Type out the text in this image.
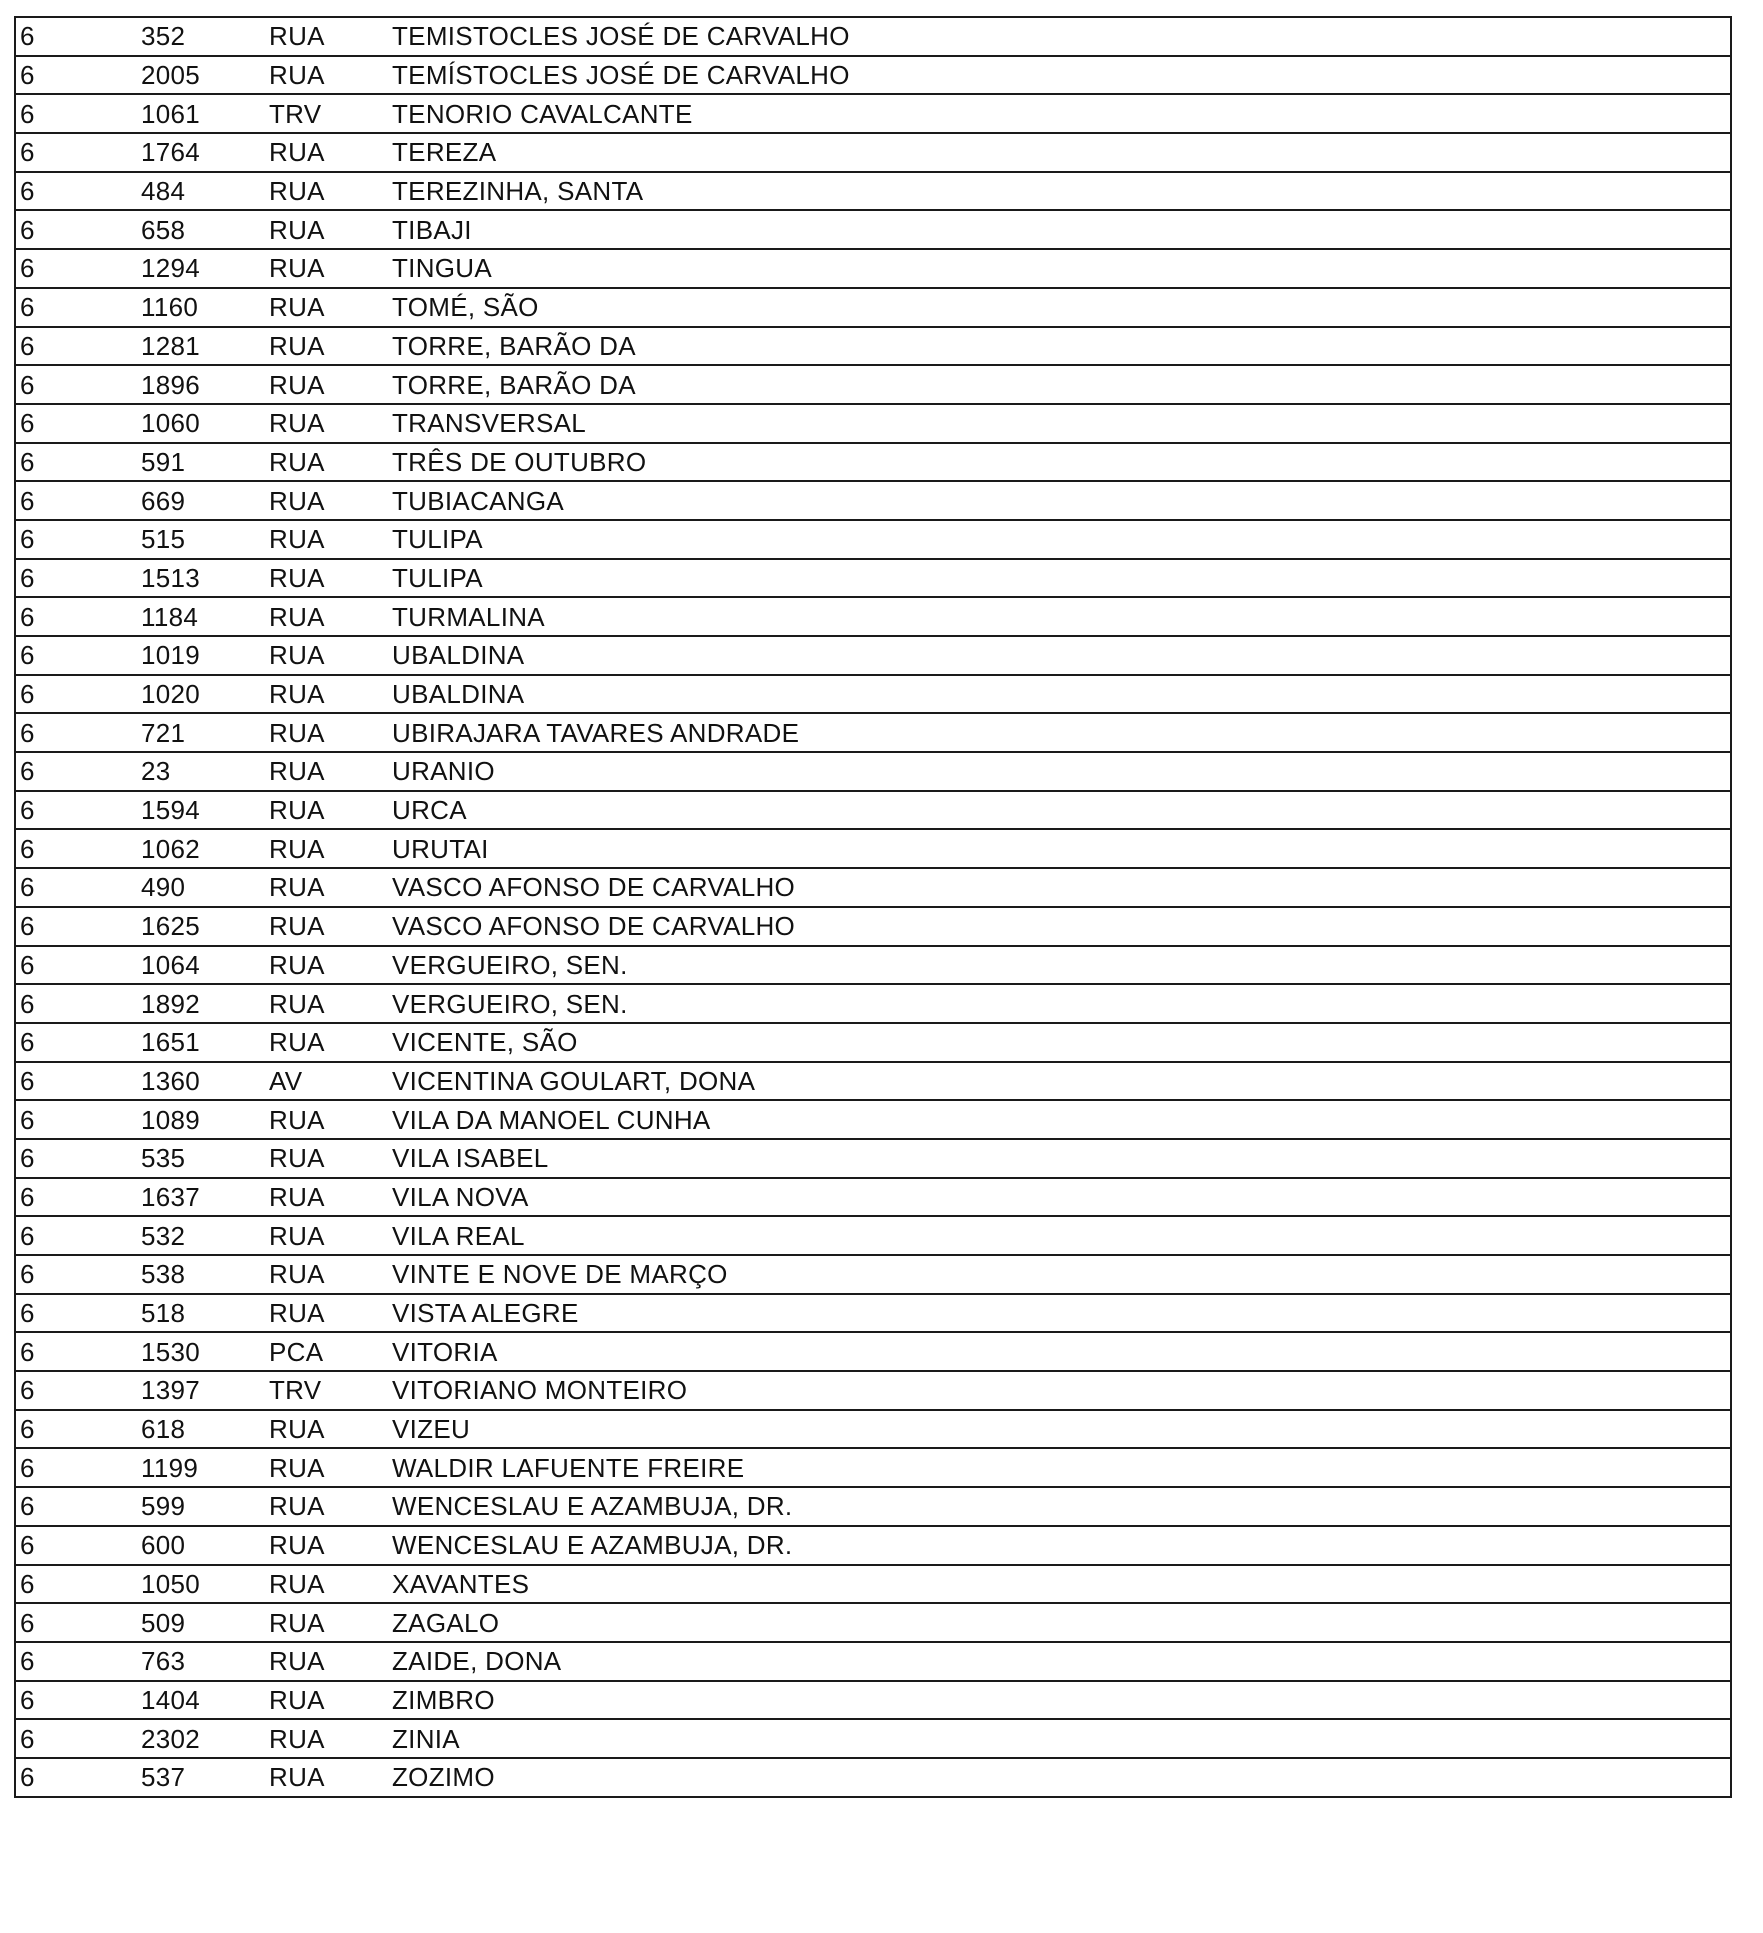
6	352	RUA	TEMISTOCLES JOSÉ DE CARVALHO
6	2005	RUA	TEMÍSTOCLES JOSÉ DE CARVALHO
6	1061	TRV	TENORIO CAVALCANTE
6	1764	RUA	TEREZA
6	484	RUA	TEREZINHA, SANTA
6	658	RUA	TIBAJI
6	1294	RUA	TINGUA
6	1160	RUA	TOMÉ, SÃO
6	1281	RUA	TORRE, BARÃO DA
6	1896	RUA	TORRE, BARÃO DA
6	1060	RUA	TRANSVERSAL
6	591	RUA	TRÊS DE OUTUBRO
6	669	RUA	TUBIACANGA
6	515	RUA	TULIPA
6	1513	RUA	TULIPA
6	1184	RUA	TURMALINA
6	1019	RUA	UBALDINA
6	1020	RUA	UBALDINA
6	721	RUA	UBIRAJARA TAVARES ANDRADE
6	23	RUA	URANIO
6	1594	RUA	URCA
6	1062	RUA	URUTAI
6	490	RUA	VASCO AFONSO DE CARVALHO
6	1625	RUA	VASCO AFONSO DE CARVALHO
6	1064	RUA	VERGUEIRO, SEN.
6	1892	RUA	VERGUEIRO, SEN.
6	1651	RUA	VICENTE, SÃO
6	1360	AV	VICENTINA GOULART, DONA
6	1089	RUA	VILA DA MANOEL CUNHA
6	535	RUA	VILA ISABEL
6	1637	RUA	VILA NOVA
6	532	RUA	VILA REAL
6	538	RUA	VINTE E NOVE DE MARÇO
6	518	RUA	VISTA ALEGRE
6	1530	PCA	VITORIA
6	1397	TRV	VITORIANO MONTEIRO
6	618	RUA	VIZEU
6	1199	RUA	WALDIR LAFUENTE FREIRE
6	599	RUA	WENCESLAU E AZAMBUJA, DR.
6	600	RUA	WENCESLAU E AZAMBUJA, DR.
6	1050	RUA	XAVANTES
6	509	RUA	ZAGALO
6	763	RUA	ZAIDE, DONA
6	1404	RUA	ZIMBRO
6	2302	RUA	ZINIA
6	537	RUA	ZOZIMO
